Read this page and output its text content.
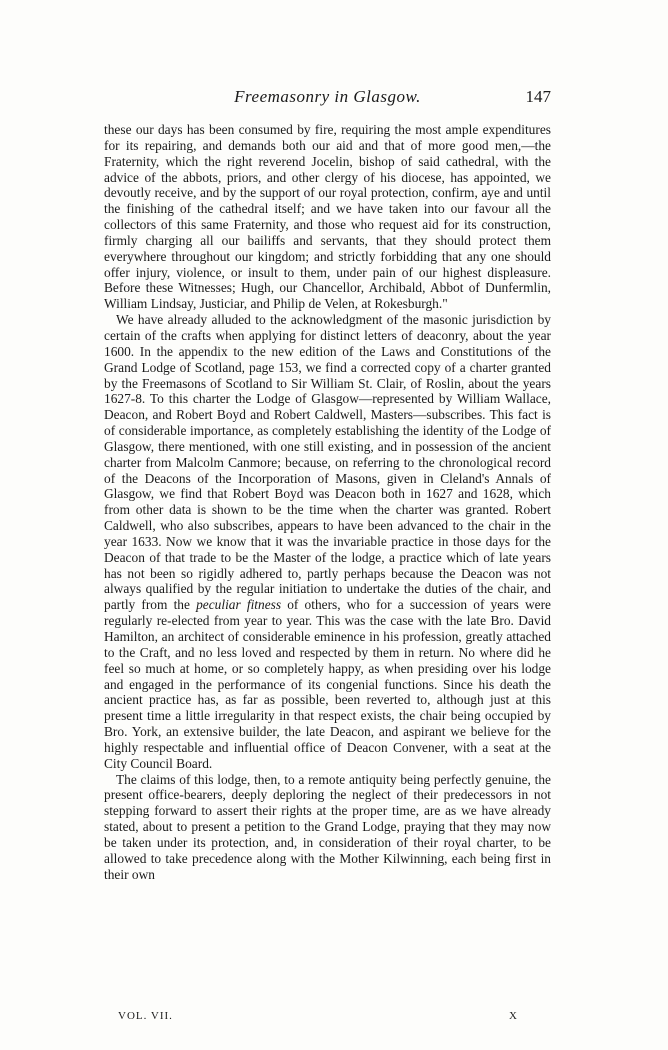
Freemasonry in Glasgow.	147

these our days has been consumed by fire, requiring the most ample expenditures for its repairing, and demands both our aid and that of more good men,—the Fraternity, which the right reverend Jocelin, bishop of said cathedral, with the advice of the abbots, priors, and other clergy of his diocese, has appointed, we devoutly receive, and by the support of our royal protection, confirm, aye and until the finishing of the cathedral itself; and we have taken into our favour all the collectors of this same Fraternity, and those who request aid for its construction, firmly charging all our bailiffs and servants, that they should protect them everywhere throughout our kingdom; and strictly forbidding that any one should offer injury, violence, or insult to them, under pain of our highest displeasure. Before these Witnesses; Hugh, our Chancellor, Archibald, Abbot of Dunfermlin, William Lindsay, Justiciar, and Philip de Velen, at Rokesburgh."

We have already alluded to the acknowledgment of the masonic jurisdiction by certain of the crafts when applying for distinct letters of deaconry, about the year 1600. In the appendix to the new edition of the Laws and Constitutions of the Grand Lodge of Scotland, page 153, we find a corrected copy of a charter granted by the Freemasons of Scotland to Sir William St. Clair, of Roslin, about the years 1627-8. To this charter the Lodge of Glasgow—represented by William Wallace, Deacon, and Robert Boyd and Robert Caldwell, Masters—subscribes. This fact is of considerable importance, as completely establishing the identity of the Lodge of Glasgow, there mentioned, with one still existing, and in possession of the ancient charter from Malcolm Canmore; because, on referring to the chronological record of the Deacons of the Incorporation of Masons, given in Cleland's Annals of Glasgow, we find that Robert Boyd was Deacon both in 1627 and 1628, which from other data is shown to be the time when the charter was granted. Robert Caldwell, who also subscribes, appears to have been advanced to the chair in the year 1633. Now we know that it was the invariable practice in those days for the Deacon of that trade to be the Master of the lodge, a practice which of late years has not been so rigidly adhered to, partly perhaps because the Deacon was not always qualified by the regular initiation to undertake the duties of the chair, and partly from the peculiar fitness of others, who for a succession of years were regularly re-elected from year to year. This was the case with the late Bro. David Hamilton, an architect of considerable eminence in his profession, greatly attached to the Craft, and no less loved and respected by them in return. No where did he feel so much at home, or so completely happy, as when presiding over his lodge and engaged in the performance of its congenial functions. Since his death the ancient practice has, as far as possible, been reverted to, although just at this present time a little irregularity in that respect exists, the chair being occupied by Bro. York, an extensive builder, the late Deacon, and aspirant we believe for the highly respectable and influential office of Deacon Convener, with a seat at the City Council Board.

The claims of this lodge, then, to a remote antiquity being perfectly genuine, the present office-bearers, deeply deploring the neglect of their predecessors in not stepping forward to assert their rights at the proper time, are as we have already stated, about to present a petition to the Grand Lodge, praying that they may now be taken under its protection, and, in consideration of their royal charter, to be allowed to take precedence along with the Mother Kilwinning, each being first in their own

VOL. VII.	X
